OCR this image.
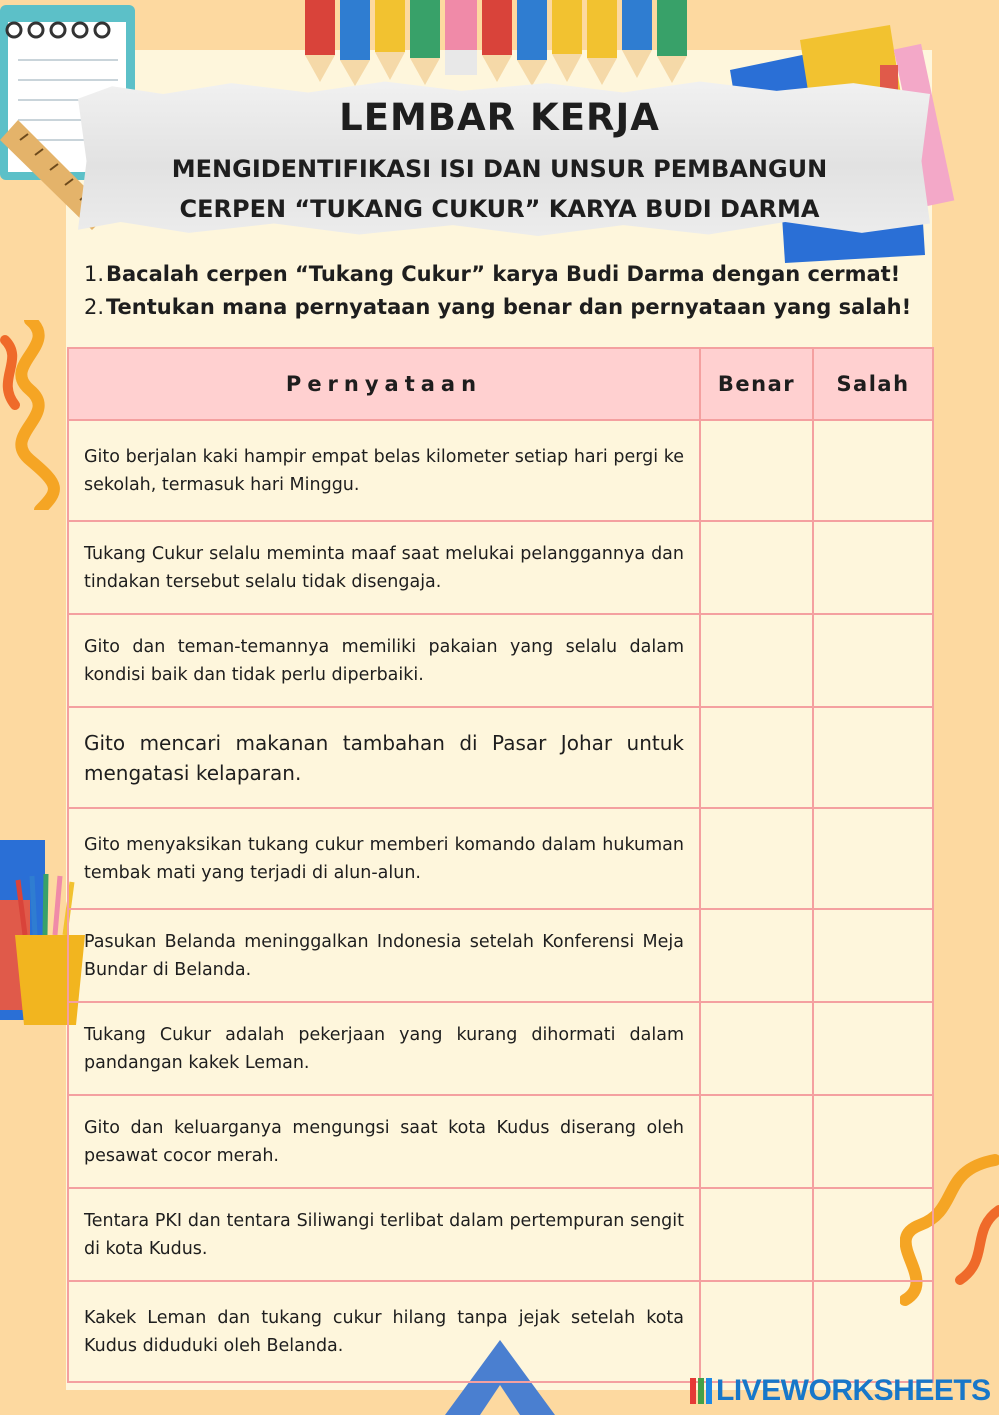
LEMBAR KERJA
MENGIDENTIFIKASI ISI DAN UNSUR PEMBANGUN
CERPEN “TUKANG CUKUR” KARYA BUDI DARMA
1. Bacalah cerpen “Tukang Cukur” karya Budi Darma dengan cermat!
2. Tentukan mana pernyataan yang benar dan pernyataan yang salah!
Pernyataan	Benar	Salah
Gito berjalan kaki hampir empat belas kilometer setiap hari pergi ke sekolah, termasuk hari Minggu.		
Tukang Cukur selalu meminta maaf saat melukai pelanggannya dan tindakan tersebut selalu tidak disengaja.		
Gito dan teman-temannya memiliki pakaian yang selalu dalam kondisi baik dan tidak perlu diperbaiki.		
Gito mencari makanan tambahan di Pasar Johar untuk mengatasi kelaparan.		
Gito menyaksikan tukang cukur memberi komando dalam hukuman tembak mati yang terjadi di alun-alun.		
Pasukan Belanda meninggalkan Indonesia setelah Konferensi Meja Bundar di Belanda.		
Tukang Cukur adalah pekerjaan yang kurang dihormati dalam pandangan kakek Leman.		
Gito dan keluarganya mengungsi saat kota Kudus diserang oleh pesawat cocor merah.		
Tentara PKI dan tentara Siliwangi terlibat dalam pertempuran sengit di kota Kudus.		
Kakek Leman dan tukang cukur hilang tanpa jejak setelah kota Kudus diduduki oleh Belanda.		
LIVEWORKSHEETS
